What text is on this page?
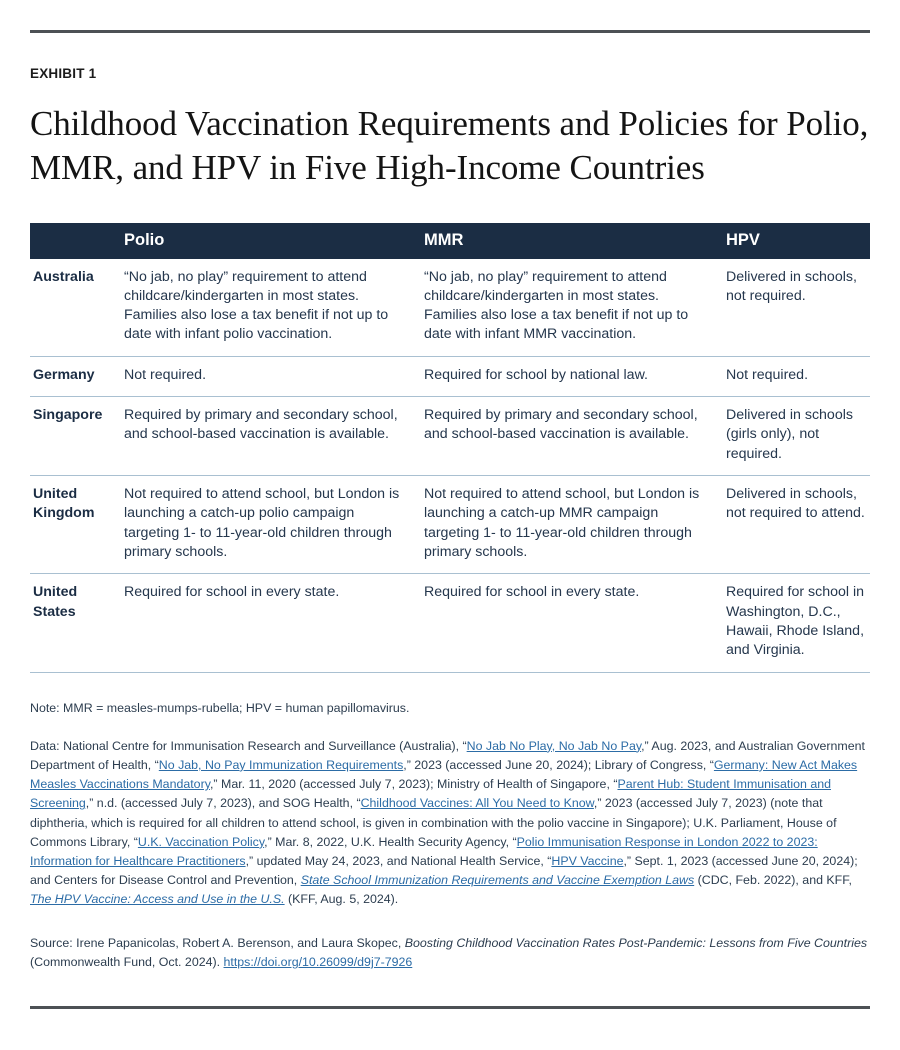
EXHIBIT 1
Childhood Vaccination Requirements and Policies for Polio, MMR, and HPV in Five High-Income Countries
	Polio	MMR	HPV
Australia	“No jab, no play” requirement to attend childcare/kindergarten in most states. Families also lose a tax benefit if not up to date with infant polio vaccination.	“No jab, no play” requirement to attend childcare/kindergarten in most states. Families also lose a tax benefit if not up to date with infant MMR vaccination.	Delivered in schools, not required.
Germany	Not required.	Required for school by national law.	Not required.
Singapore	Required by primary and secondary school, and school-based vaccination is available.	Required by primary and secondary school, and school-based vaccination is available.	Delivered in schools (girls only), not required.
United Kingdom	Not required to attend school, but London is launching a catch-up polio campaign targeting 1- to 11-year-old children through primary schools.	Not required to attend school, but London is launching a catch-up MMR campaign targeting 1- to 11-year-old children through primary schools.	Delivered in schools, not required to attend.
United States	Required for school in every state.	Required for school in every state.	Required for school in Washington, D.C., Hawaii, Rhode Island, and Virginia.
Note: MMR = measles-mumps-rubella; HPV = human papillomavirus.
Data: National Centre for Immunisation Research and Surveillance (Australia), “No Jab No Play, No Jab No Pay,” Aug. 2023, and Australian Government Department of Health, “No Jab, No Pay Immunization Requirements,” 2023 (accessed June 20, 2024); Library of Congress, “Germany: New Act Makes Measles Vaccinations Mandatory,” Mar. 11, 2020 (accessed July 7, 2023); Ministry of Health of Singapore, “Parent Hub: Student Immunisation and Screening,” n.d. (accessed July 7, 2023), and SOG Health, “Childhood Vaccines: All You Need to Know,” 2023 (accessed July 7, 2023) (note that diphtheria, which is required for all children to attend school, is given in combination with the polio vaccine in Singapore); U.K. Parliament, House of Commons Library, “U.K. Vaccination Policy,” Mar. 8, 2022, U.K. Health Security Agency, “Polio Immunisation Response in London 2022 to 2023: Information for Healthcare Practitioners,” updated May 24, 2023, and National Health Service, “HPV Vaccine,” Sept. 1, 2023 (accessed June 20, 2024); and Centers for Disease Control and Prevention, State School Immunization Requirements and Vaccine Exemption Laws (CDC, Feb. 2022), and KFF, The HPV Vaccine: Access and Use in the U.S. (KFF, Aug. 5, 2024).
Source: Irene Papanicolas, Robert A. Berenson, and Laura Skopec, Boosting Childhood Vaccination Rates Post-Pandemic: Lessons from Five Countries (Commonwealth Fund, Oct. 2024). https://doi.org/10.26099/d9j7-7926
